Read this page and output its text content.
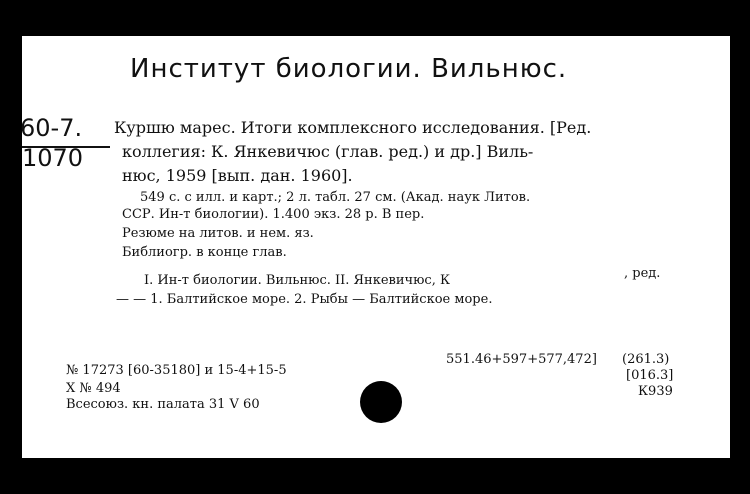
Институт биологии. Вильнюс.
60-7.
1070
Куршю марес. Итоги комплексного исследования. [Ред.
коллегия: К. Янкевичюс (глав. ред.) и др.] Виль-
нюс, 1959 [вып. дан. 1960].
549 с. с илл. и карт.; 2 л. табл. 27 см. (Акад. наук Литов.
ССР. Ин-т биологии). 1.400 экз. 28 р. В пер.
Резюме на литов. и нем. яз.
Библиогр. в конце глав.
I. Ин-т биологии. Вильнюс. II. Янкевичюс, К	, ред.
— — 1. Балтийское море. 2. Рыбы — Балтийское море.
551.46+597+577,472] (261.3)
[016.3]
К939
№ 17273 [60-35180] и 15-4+15-5
X № 494
Всесоюз. кн. палата 31 V 60
